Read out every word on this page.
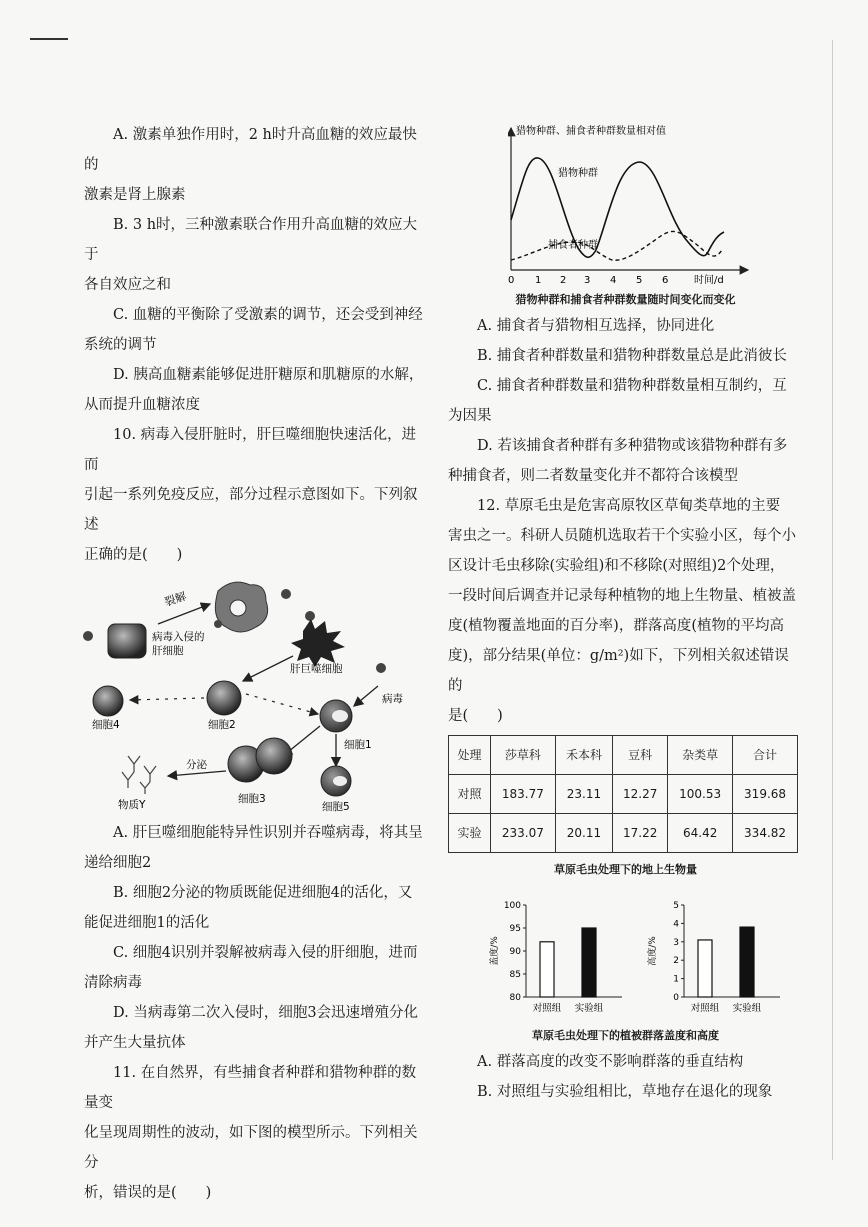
A. 激素单独作用时，2 h时升高血糖的效应最快的

激素是肾上腺素

B. 3 h时，三种激素联合作用升高血糖的效应大于

各自效应之和

C. 血糖的平衡除了受激素的调节，还会受到神经

系统的调节

D. 胰高血糖素能够促进肝糖原和肌糖原的水解，

从而提升血糖浓度

10. 病毒入侵肝脏时，肝巨噬细胞快速活化，进而

引起一系列免疫反应，部分过程示意图如下。下列叙述

正确的是(　　)

裂解
病毒入侵的
肝细胞
肝巨噬细胞
细胞2
细胞4
细胞1
病毒
细胞5
细胞3
分泌
物质Y

A. 肝巨噬细胞能特异性识别并吞噬病毒，将其呈

递给细胞2

B. 细胞2分泌的物质既能促进细胞4的活化，又

能促进细胞1的活化

C. 细胞4识别并裂解被病毒入侵的肝细胞，进而

清除病毒

D. 当病毒第二次入侵时，细胞3会迅速增殖分化

并产生大量抗体

11. 在自然界，有些捕食者种群和猎物种群的数量变

化呈现周期性的波动，如下图的模型所示。下列相关分

析，错误的是(　　)

猎物种群、捕食者种群数量相对值
猎物种群
捕食者种群
0 1 2 3 4 5 6	时间/d
猎物种群和捕食者种群数量随时间变化而变化

A. 捕食者与猎物相互选择，协同进化

B. 捕食者种群数量和猎物种群数量总是此消彼长

C. 捕食者种群数量和猎物种群数量相互制约，互

为因果

D. 若该捕食者种群有多种猎物或该猎物种群有多

种捕食者，则二者数量变化并不都符合该模型

12. 草原毛虫是危害高原牧区草甸类草地的主要

害虫之一。科研人员随机选取若干个实验小区，每个小

区设计毛虫移除(实验组)和不移除(对照组)2个处理，

一段时间后调查并记录每种植物的地上生物量、植被盖

度(植物覆盖地面的百分率)，群落高度(植物的平均高

度)，部分结果(单位：g/m²)如下，下列相关叙述错误的

是(　　)

处理	莎草科	禾本科	豆科	杂类草	合计
对照	183.77	23.11	12.27	100.53	319.68
实验	233.07	20.11	17.22	64.42	334.82
草原毛虫处理下的地上生物量
80
85
90
95
100
盖度/%
对照组 实验组
0
1
2
3
4
5
高度/%
对照组 实验组
草原毛虫处理下的植被群落盖度和高度

A. 群落高度的改变不影响群落的垂直结构

B. 对照组与实验组相比，草地存在退化的现象
